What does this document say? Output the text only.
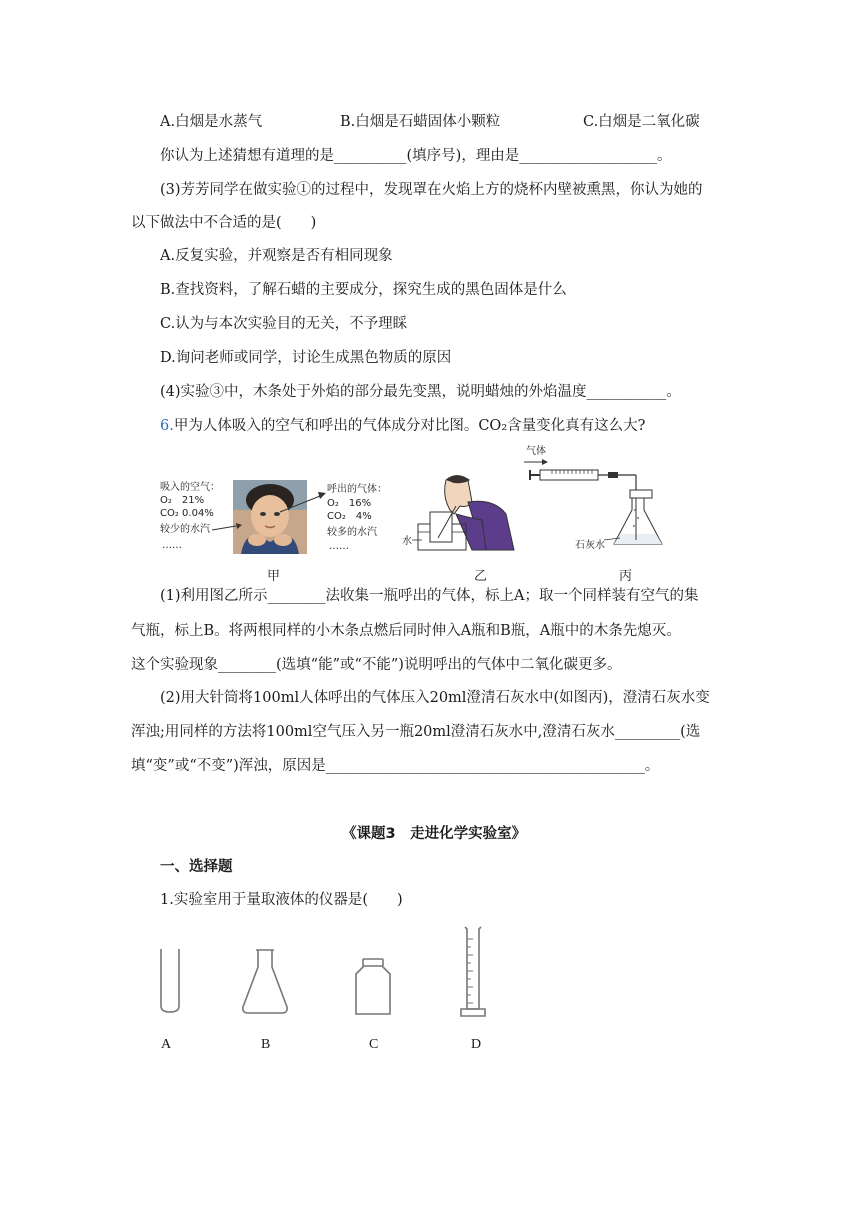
A.白烟是水蒸气	B.白烟是石蜡固体小颗粒	C.白烟是二氧化碳
你认为上述猜想有道理的是__________(填序号)，理由是___________________。
(3)芳芳同学在做实验①的过程中，发现罩在火焰上方的烧杯内壁被熏黑，你认为她的
以下做法中不合适的是(　　)
A.反复实验，并观察是否有相同现象
B.查找资料，了解石蜡的主要成分，探究生成的黑色固体是什么
C.认为与本次实验目的无关，不予理睬
D.询问老师或同学，讨论生成黑色物质的原因
(4)实验③中，木条处于外焰的部分最先变黑，说明蜡烛的外焰温度___________。
6.甲为人体吸入的空气和呼出的气体成分对比图。CO₂含量变化真有这么大?
吸入的空气：
O₂　21%
CO₂ 0.04%
较少的水汽
……
呼出的气体：
O₂　16%
CO₂　4%
较多的水汽
……	水
气体
石灰水
甲	乙	丙
(1)利用图乙所示________法收集一瓶呼出的气体，标上A；取一个同样装有空气的集
气瓶，标上B。将两根同样的小木条点燃后同时伸入A瓶和B瓶，A瓶中的木条先熄灭。
这个实验现象________(选填“能”或“不能”)说明呼出的气体中二氧化碳更多。
(2)用大针筒将100ml人体呼出的气体压入20ml澄清石灰水中(如图丙)，澄清石灰水变
浑浊;用同样的方法将100ml空气压入另一瓶20ml澄清石灰水中,澄清石灰水_________(选
填“变”或“不变”)浑浊，原因是____________________________________________。
《课题3　走进化学实验室》
一、选择题
1.实验室用于量取液体的仪器是(　　)
A	B	C	D
